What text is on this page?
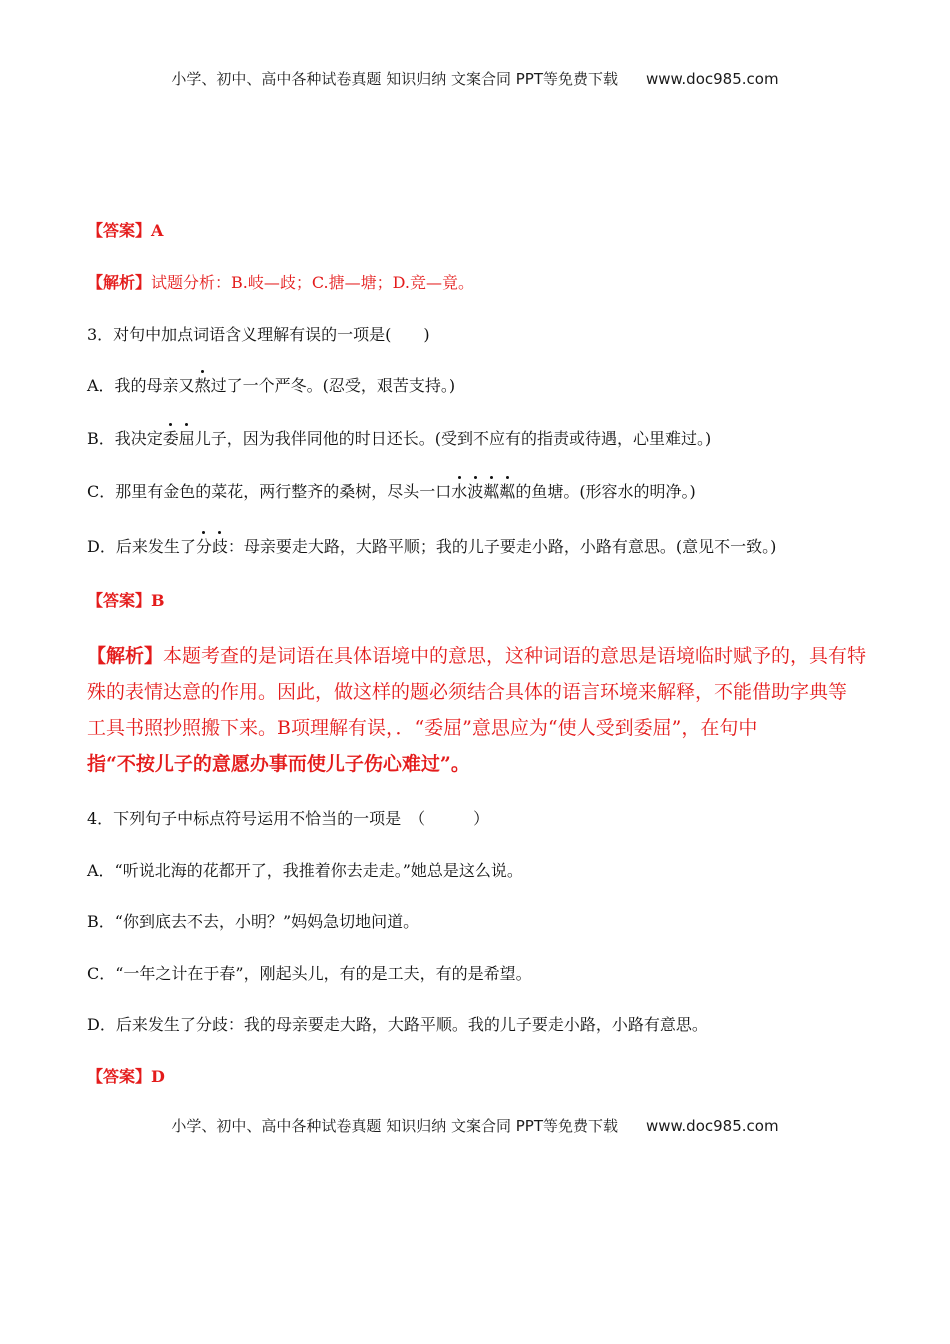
小学、初中、高中各种试卷真题 知识归纳 文案合同 PPT等免费下载 www.doc985.com
【答案】A
【解析】试题分析：B.岐—歧；C.搪—塘；D.竞—竟。
3．对句中加点词语含义理解有误的一项是(　　)
A．我的母亲又熬过了一个严冬。(忍受，艰苦支持。)
B．我决定委屈儿子，因为我伴同他的时日还长。(受到不应有的指责或待遇，心里难过。)
C．那里有金色的菜花，两行整齐的桑树，尽头一口水波粼粼的鱼塘。(形容水的明净。)
D．后来发生了分歧：母亲要走大路，大路平顺；我的儿子要走小路，小路有意思。(意见不一致。)
【答案】B
【解析】本题考查的是词语在具体语境中的意思，这种词语的意思是语境临时赋予的，具有特
殊的表情达意的作用。因此，做这样的题必须结合具体的语言环境来解释，不能借助字典等
工具书照抄照搬下来。B项理解有误，．“委屈”意思应为“使人受到委屈”，在句中
指“不按儿子的意愿办事而使儿子伤心难过”。
4．下列句子中标点符号运用不恰当的一项是　（　　　）
A．“听说北海的花都开了，我推着你去走走。”她总是这么说。
B．“你到底去不去，小明？”妈妈急切地问道。
C．“一年之计在于春”，刚起头儿，有的是工夫，有的是希望。
D．后来发生了分歧：我的母亲要走大路，大路平顺。我的儿子要走小路，小路有意思。
【答案】D
小学、初中、高中各种试卷真题 知识归纳 文案合同 PPT等免费下载 www.doc985.com
